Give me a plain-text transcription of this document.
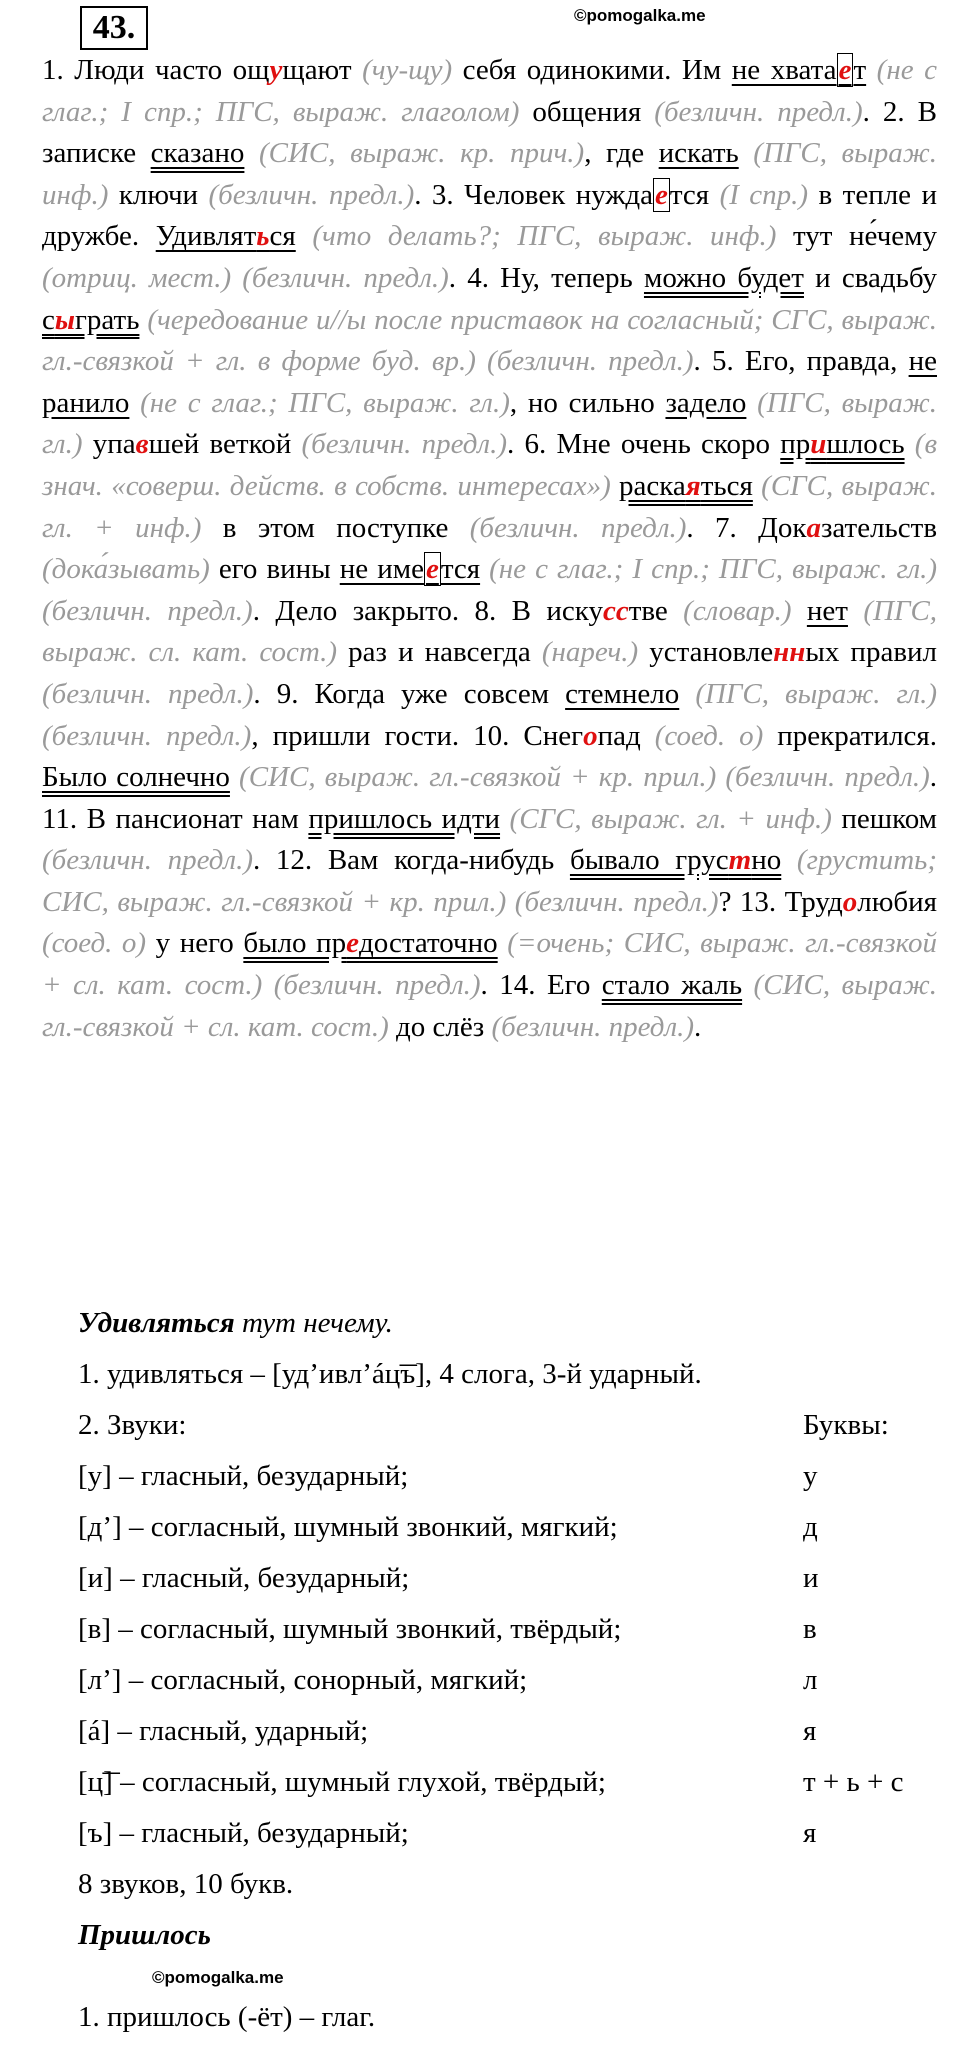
43.	©pomogalka.me
1. Люди часто ощущают (чу-щу) себя одинокими. Им не хватает (не с глаг.; I спр.; ПГС, выраж. глаголом) общения (безличн. предл.). 2. В записке сказано (СИС, выраж. кр. прич.), где искать (ПГС, выраж. инф.) ключи (безличн. предл.). 3. Человек нуждается (I спр.) в тепле и дружбе. Удивляться (что делать?; ПГС, выраж. инф.) тут не́чему (отриц. мест.) (безличн. предл.). 4. Ну, теперь можно будет и свадьбу сыграть (чередование и//ы после приставок на согласный; СГС, выраж. гл.-связкой + гл. в форме буд. вр.) (безличн. предл.). 5. Его, правда, не ранило (не с глаг.; ПГС, выраж. гл.), но сильно задело (ПГС, выраж. гл.) упавшей веткой (безличн. предл.). 6. Мне очень скоро пришлось (в знач. «соверш. действ. в собств. интересах») раскаяться (СГС, выраж. гл. + инф.) в этом поступке (безличн. предл.). 7. Доказательств (дока́зывать) его вины не имеется (не с глаг.; I спр.; ПГС, выраж. гл.) (безличн. предл.). Дело закрыто. 8. В искусстве (словар.) нет (ПГС, выраж. сл. кат. сост.) раз и навсегда (нареч.) установленных правил (безличн. предл.). 9. Когда уже совсем стемнело (ПГС, выраж. гл.) (безличн. предл.), пришли гости. 10. Снегопад (соед. о) прекратился. Было солнечно (СИС, выраж. гл.-связкой + кр. прил.) (безличн. предл.). 11. В пансионат нам пришлось идти (СГС, выраж. гл. + инф.) пешком (безличн. предл.). 12. Вам когда-нибудь бывало грустно (грустить; СИС, выраж. гл.-связкой + кр. прил.) (безличн. предл.)? 13. Трудолюбия (соед. о) у него было предостаточно (=очень; СИС, выраж. гл.-связкой + сл. кат. сост.) (безличн. предл.). 14. Его стало жаль (СИС, выраж. гл.-связкой + сл. кат. сост.) до слёз (безличн. предл.).
Удивляться тут нечему.
1. удивляться – [уд’ивл’áц͞ъ], 4 слога, 3-й ударный.
2. Звуки:	Буквы:
[у] – гласный, безударный;	у
[д’] – согласный, шумный звонкий, мягкий;	д
[и] – гласный, безударный;	и
[в] – согласный, шумный звонкий, твёрдый;	в
[л’] – согласный, сонорный, мягкий;	л
[á] – гласный, ударный;	я
[ц͞] – согласный, шумный глухой, твёрдый;	т + ь + с
[ъ] – гласный, безударный;	я
8 звуков, 10 букв.
Пришлось
©pomogalka.me
1. пришлось (-ёт) – глаг.
